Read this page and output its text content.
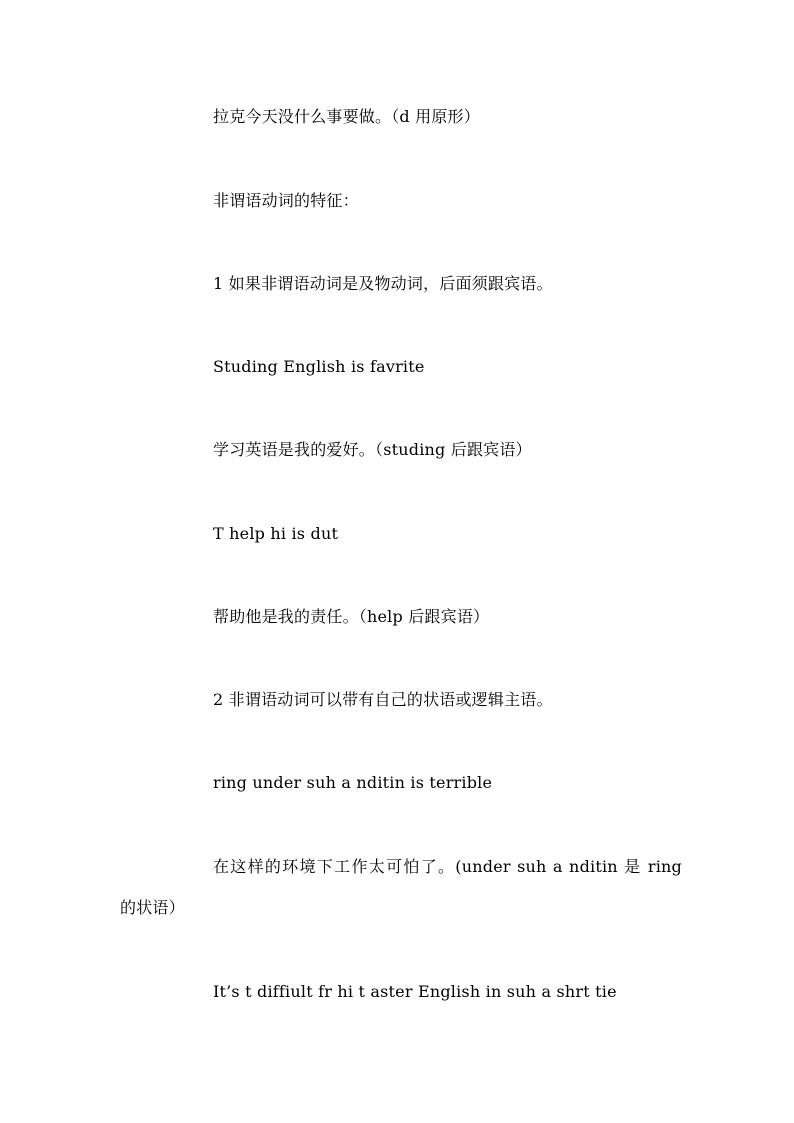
拉克今天没什么事要做。（d 用原形）
非谓语动词的特征：
1 如果非谓语动词是及物动词，后面须跟宾语。
Studing English is favrite
学习英语是我的爱好。（studing 后跟宾语）
T help hi is dut
帮助他是我的责任。（help 后跟宾语）
2 非谓语动词可以带有自己的状语或逻辑主语。
ring under suh a nditin is terrible
在这样的环境下工作太可怕了。(under suh a nditin 是 ring
的状语）
It’s t diffiult fr hi t aster English in suh a shrt tie
